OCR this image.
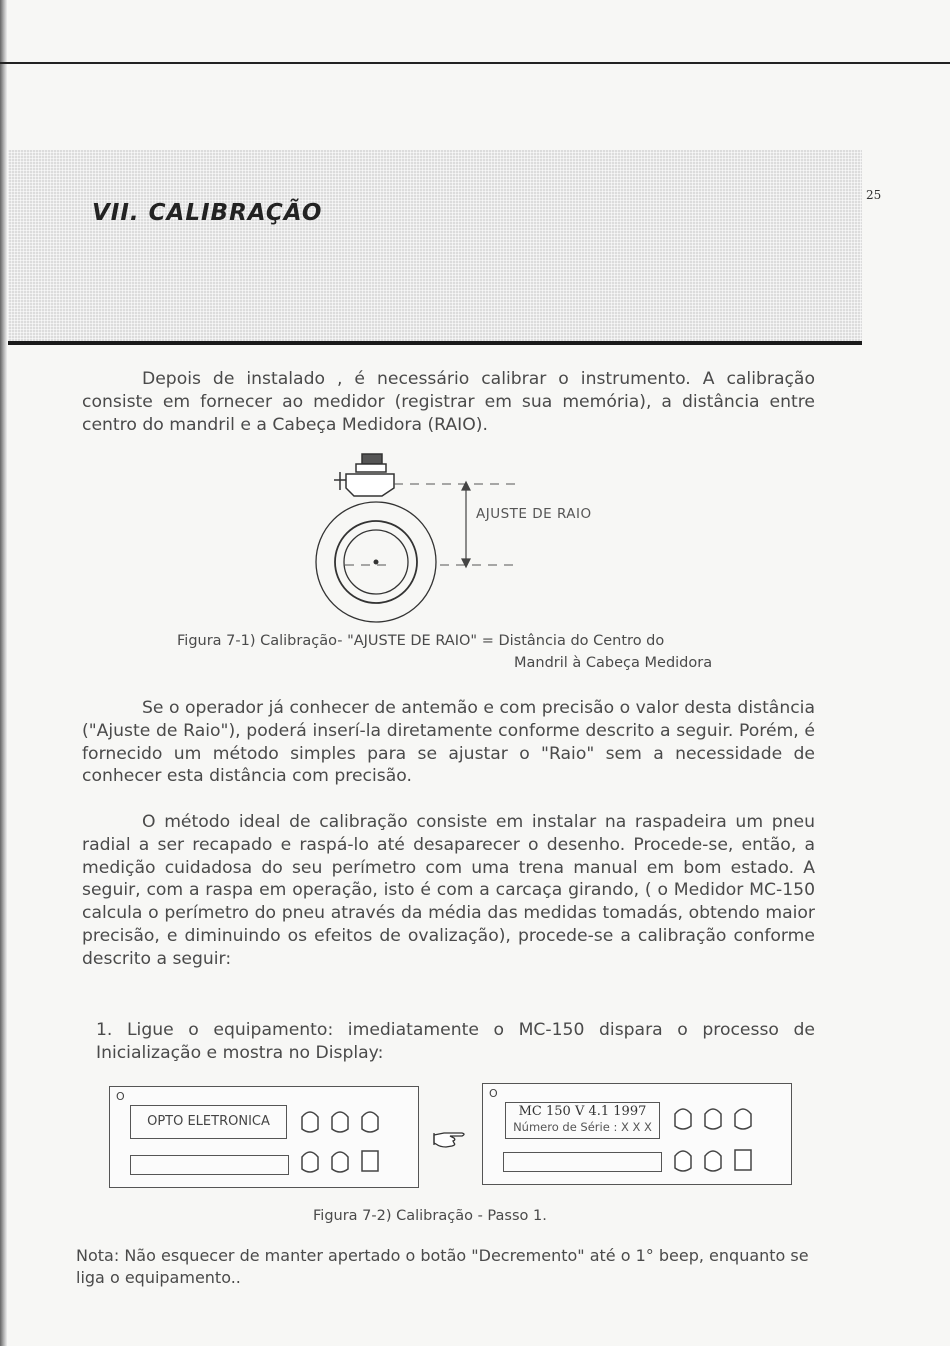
VII. CALIBRAÇÃO
25

Depois de instalado , é necessário calibrar o instrumento. A calibração consiste em fornecer ao medidor (registrar em sua memória), a distância entre centro do mandril e a Cabeça Medidora (RAIO).

AJUSTE DE RAIO
Figura 7-1) Calibração- "AJUSTE DE RAIO" = Distância do Centro do
Mandril à Cabeça Medidora

Se o operador já conhecer de antemão e com precisão o valor desta distância ("Ajuste de Raio"), poderá inserí-la diretamente conforme descrito a seguir. Porém, é fornecido um método simples para se ajustar o "Raio" sem a necessidade de conhecer esta distância com precisão.

O método ideal de calibração consiste em instalar na raspadeira um pneu radial a ser recapado e raspá-lo até desaparecer o desenho. Procede-se, então, a medição cuidadosa do seu perímetro com uma trena manual em bom estado. A seguir, com a raspa em operação, isto é com a carcaça girando, ( o Medidor MC-150 calcula o perímetro do pneu através da média das medidas tomadás, obtendo maior precisão, e diminuindo os efeitos de ovalização), procede-se a calibração conforme descrito a seguir:

1. Ligue o equipamento: imediatamente o MC-150 dispara o processo de Inicialização e mostra no Display:

O
OPTO ELETRONICA
O
MC 150 V 4.1 1997
Número de Série : X X X
Figura 7-2) Calibração - Passo 1.

Nota: Não esquecer de manter apertado o botão "Decremento" até o 1° beep, enquanto se liga o equipamento..
